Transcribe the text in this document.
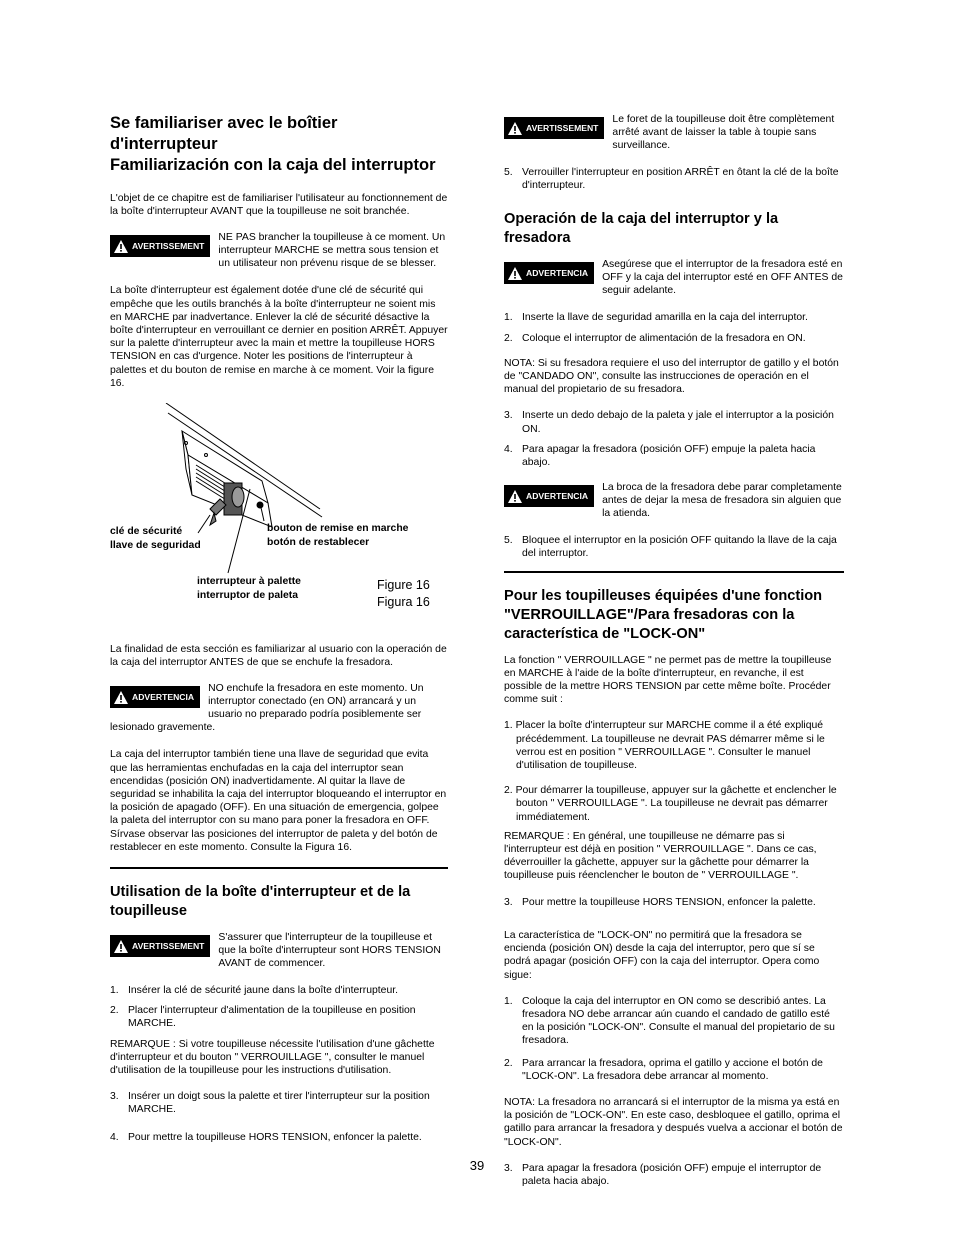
Se familiariser avec le boîtier d'interrupteur
Familiarización con la caja del interruptor
L'objet de ce chapitre est de familiariser l'utilisateur au fonctionnement de la boîte d'interrupteur AVANT que la toupilleuse ne soit branchée.
AVERTISSEMENT
NE PAS brancher la toupilleuse à ce moment. Un interrupteur MARCHE se mettra sous tension et un utilisateur non prévenu risque de se blesser.
La boîte d'interrupteur est également dotée d'une clé de sécurité qui empêche que les outils branchés à la boîte d'interrupteur ne soient mis en MARCHE par inadvertance. Enlever la clé de sécurité désactive la boîte d'interrupteur en verrouillant ce dernier en position ARRÊT. Appuyer sur la palette d'interrupteur avec la main et mettre la toupilleuse HORS TENSION en cas d'urgence. Noter les positions de l'interrupteur à palettes et du bouton de remise en marche à ce moment. Voir la figure 16.
clé de sécurité
llave de seguridad
bouton de remise en marche
botón de restablecer
interrupteur à palette
interruptor de paleta
Figure 16
Figura 16
La finalidad de esta sección es familiarizar al usuario con la operación de la caja del interruptor ANTES de que se enchufe la fresadora.
ADVERTENCIA
NO enchufe la fresadora en este momento. Un interruptor conectado (en ON) arrancará y un usuario no preparado podría posiblemente ser lesionado gravemente.
La caja del interruptor también tiene una llave de seguridad que evita que las herramientas enchufadas en la caja del interruptor sean encendidas (posición ON) inadvertidamente. Al quitar la llave de seguridad se inhabilita la caja del interruptor bloqueando el interruptor en la posición de apagado (OFF). En una situación de emergencia, golpee la paleta del interruptor con su mano para poner la fresadora en OFF. Sírvase observar las posiciones del interruptor de paleta y del botón de restablecer en este momento. Consulte la Figura 16.
Utilisation de la boîte d'interrupteur et de la toupilleuse
AVERTISSEMENT
S'assurer que l'interrupteur de la toupilleuse et que la boîte d'interrupteur sont HORS TENSION AVANT de commencer.
1. Insérer la clé de sécurité jaune dans la boîte d'interrupteur.
2. Placer l'interrupteur d'alimentation de la toupilleuse en position MARCHE.
REMARQUE : Si votre toupilleuse nécessite l'utilisation d'une gâchette d'interrupteur et du bouton " VERROUILLAGE ", consulter le manuel d'utilisation de la toupilleuse pour les instructions d'utilisation.
3. Insérer un doigt sous la palette et tirer l'interrupteur sur la position MARCHE.
4. Pour mettre la toupilleuse HORS TENSION, enfoncer la palette.
AVERTISSEMENT
Le foret de la toupilleuse doit être complètement arrêté avant de laisser la table à toupie sans surveillance.
5. Verrouiller l'interrupteur en position ARRÊT en ôtant la clé de la boîte d'interrupteur.
Operación de la caja del interruptor y la fresadora
ADVERTENCIA
Asegúrese que el interruptor de la fresadora esté en OFF y la caja del interruptor esté en OFF ANTES de seguir adelante.
1. Inserte la llave de seguridad amarilla en la caja del interruptor.
2. Coloque el interruptor de alimentación de la fresadora en ON.
NOTA: Si su fresadora requiere el uso del interruptor de gatillo y el botón de "CANDADO ON", consulte las instrucciones de operación en el manual del propietario de su fresadora.
3. Inserte un dedo debajo de la paleta y jale el interruptor a la posición ON.
4. Para apagar la fresadora (posición OFF) empuje la paleta hacia abajo.
ADVERTENCIA
La broca de la fresadora debe parar completamente antes de dejar la mesa de fresadora sin alguien que la atienda.
5. Bloquee el interruptor en la posición OFF quitando la llave de la caja del interruptor.
Pour les toupilleuses équipées d'une fonction "VERROUILLAGE"/Para fresadoras con la característica de "LOCK-ON"
La fonction " VERROUILLAGE " ne permet pas de mettre la toupilleuse en MARCHE à l'aide de la boîte d'interrupteur, en revanche, il est possible de la mettre HORS TENSION par cette même boîte. Procéder comme suit :
1. Placer la boîte d'interrupteur sur MARCHE comme il a été expliqué précédemment. La toupilleuse ne devrait PAS démarrer même si le verrou est en position " VERROUILLAGE ". Consulter le manuel d'utilisation de toupilleuse.
2. Pour démarrer la toupilleuse, appuyer sur la gâchette et enclencher le bouton " VERROUILLAGE ". La toupilleuse ne devrait pas démarrer immédiatement.
REMARQUE : En général, une toupilleuse ne démarre pas si l'interrupteur est déjà en position " VERROUILLAGE ". Dans ce cas, déverrouiller la gâchette, appuyer sur la gâchette pour démarrer la toupilleuse puis réenclencher le bouton de " VERROUILLAGE ".
3. Pour mettre la toupilleuse HORS TENSION, enfoncer la palette.
La característica de "LOCK-ON" no permitirá que la fresadora se encienda (posición ON) desde la caja del interruptor, pero que sí se podrá apagar (posición OFF) con la caja del interruptor. Opera como sigue:
1. Coloque la caja del interruptor en ON como se describió antes. La fresadora NO debe arrancar aún cuando el candado de gatillo esté en la posición "LOCK-ON". Consulte el manual del propietario de su fresadora.
2. Para arrancar la fresadora, oprima el gatillo y accione el botón de "LOCK-ON". La fresadora debe arrancar al momento.
NOTA: La fresadora no arrancará si el interruptor de la misma ya está en la posición de "LOCK-ON". En este caso, desbloquee el gatillo, oprima el gatillo para arrancar la fresadora y después vuelva a accionar el botón de "LOCK-ON".
3. Para apagar la fresadora (posición OFF) empuje el interruptor de paleta hacia abajo.
39
